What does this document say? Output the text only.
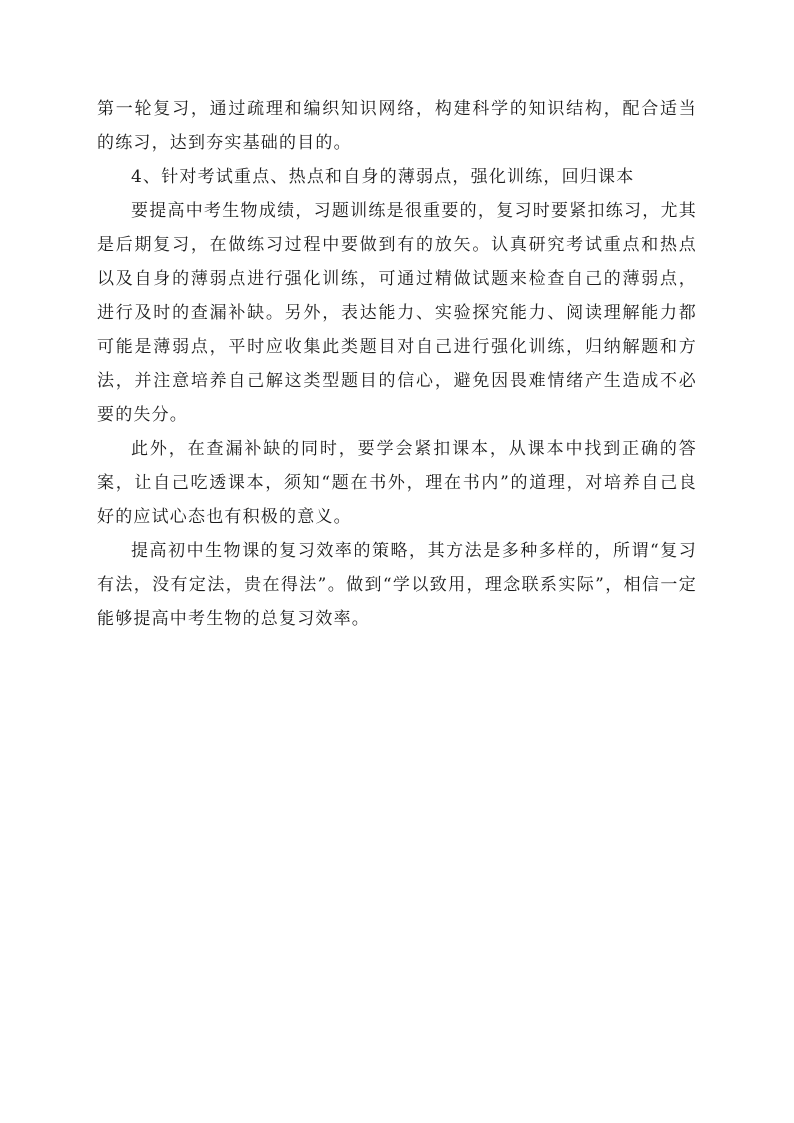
第一轮复习，通过疏理和编织知识网络，构建科学的知识结构，配合适当的练习，达到夯实基础的目的。

4、针对考试重点、热点和自身的薄弱点，强化训练，回归课本

要提高中考生物成绩，习题训练是很重要的，复习时要紧扣练习，尤其是后期复习，在做练习过程中要做到有的放矢。认真研究考试重点和热点以及自身的薄弱点进行强化训练，可通过精做试题来检查自己的薄弱点，进行及时的查漏补缺。另外，表达能力、实验探究能力、阅读理解能力都可能是薄弱点，平时应收集此类题目对自己进行强化训练，归纳解题和方法，并注意培养自己解这类型题目的信心，避免因畏难情绪产生造成不必要的失分。

此外，在查漏补缺的同时，要学会紧扣课本，从课本中找到正确的答案，让自己吃透课本，须知“题在书外，理在书内”的道理，对培养自己良好的应试心态也有积极的意义。

提高初中生物课的复习效率的策略，其方法是多种多样的，所谓“复习有法，没有定法，贵在得法”。做到“学以致用，理念联系实际”，相信一定能够提高中考生物的总复习效率。
